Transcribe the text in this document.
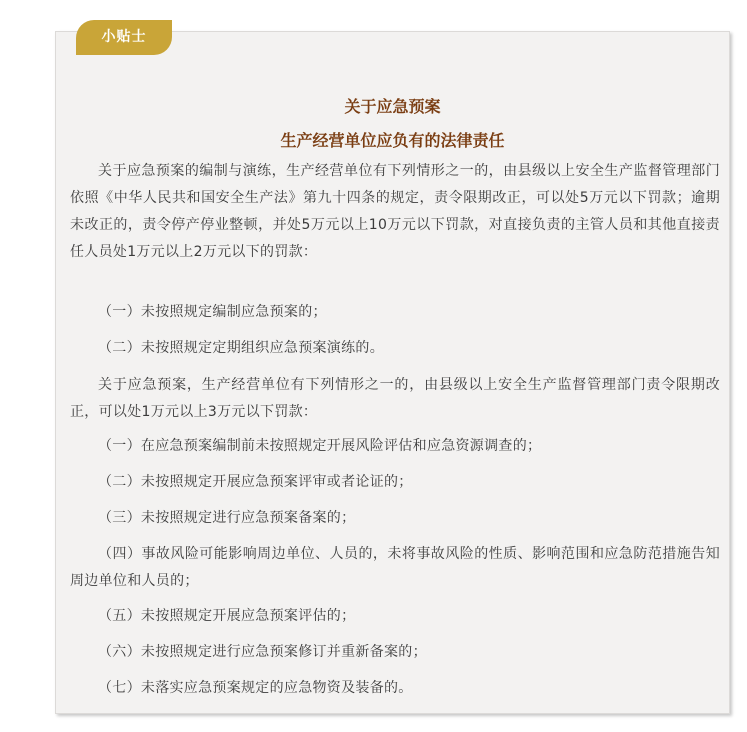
小贴士
关于应急预案
生产经营单位应负有的法律责任

关于应急预案的编制与演练，生产经营单位有下列情形之一的，由县级以上安全生产监督管理部门依照《中华人民共和国安全生产法》第九十四条的规定，责令限期改正，可以处5万元以下罚款；逾期未改正的，责令停产停业整顿，并处5万元以上10万元以下罚款，对直接负责的主管人员和其他直接责任人员处1万元以上2万元以下的罚款：

（一）未按照规定编制应急预案的；

（二）未按照规定定期组织应急预案演练的。

关于应急预案，生产经营单位有下列情形之一的，由县级以上安全生产监督管理部门责令限期改正，可以处1万元以上3万元以下罚款：

（一）在应急预案编制前未按照规定开展风险评估和应急资源调查的；

（二）未按照规定开展应急预案评审或者论证的；

（三）未按照规定进行应急预案备案的；

（四）事故风险可能影响周边单位、人员的，未将事故风险的性质、影响范围和应急防范措施告知周边单位和人员的；

（五）未按照规定开展应急预案评估的；

（六）未按照规定进行应急预案修订并重新备案的；

（七）未落实应急预案规定的应急物资及装备的。
